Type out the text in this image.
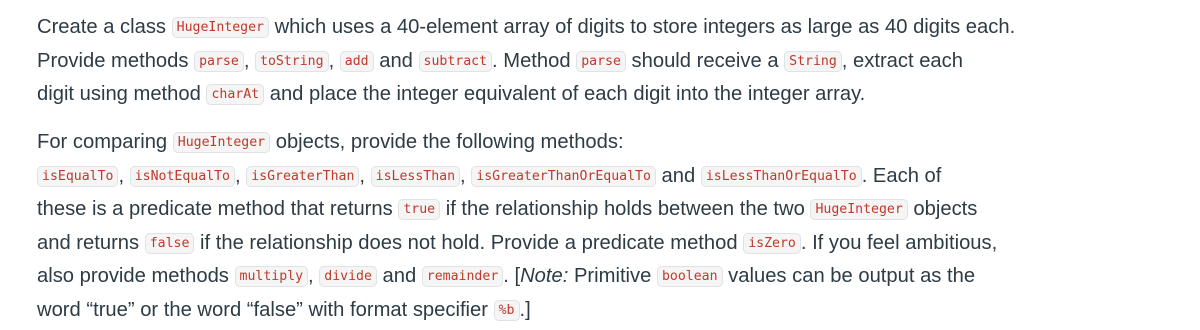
Create a class HugeInteger which uses a 40-element array of digits to store integers as large as 40 digits each.
Provide methods parse , toString , add and subtract . Method parse should receive a String , extract each
digit using method charAt and place the integer equivalent of each digit into the integer array.

For comparing HugeInteger objects, provide the following methods:
isEqualTo , isNotEqualTo , isGreaterThan , isLessThan , isGreaterThanOrEqualTo and isLessThanOrEqualTo . Each of
these is a predicate method that returns true if the relationship holds between the two HugeInteger objects
and returns false if the relationship does not hold. Provide a predicate method isZero . If you feel ambitious,
also provide methods multiply , divide and remainder . [Note: Primitive boolean values can be output as the
word “true” or the word “false” with format specifier %b .]
